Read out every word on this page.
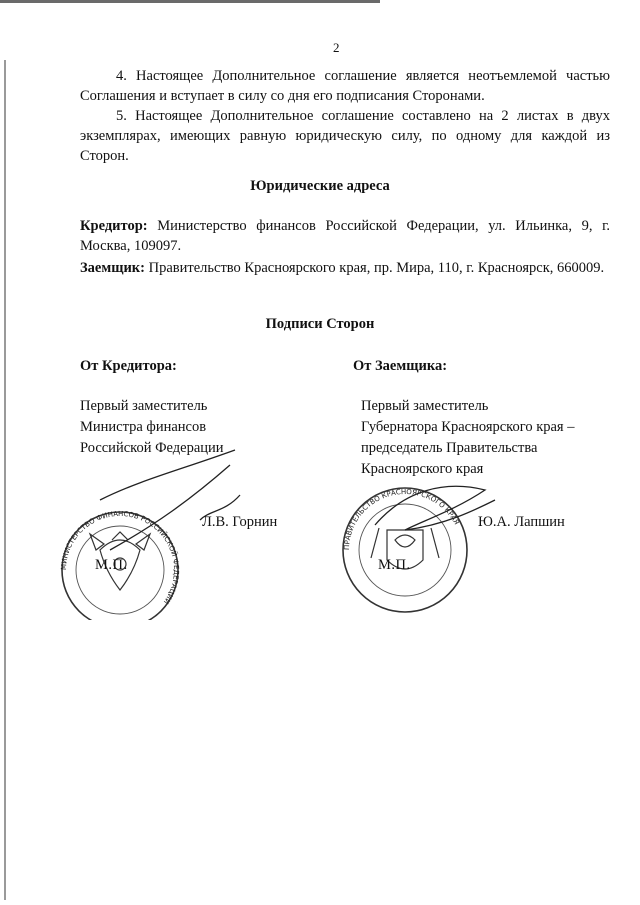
2
4. Настоящее Дополнительное соглашение является неотъемлемой частью Соглашения и вступает в силу со дня его подписания Сторонами.
5. Настоящее Дополнительное соглашение составлено на 2 листах в двух экземплярах, имеющих равную юридическую силу, по одному для каждой из Сторон.
Юридические адреса
Кредитор: Министерство финансов Российской Федерации, ул. Ильинка, 9, г. Москва, 109097.
Заемщик: Правительство Красноярского края, пр. Мира, 110, г. Красноярск, 660009.
Подписи Сторон
От Кредитора:
Первый заместитель
Министра финансов
Российской Федерации
МИНИСТЕРСТВО ФИНАНСОВ РОССИЙСКОЙ ФЕДЕРАЦИИ
Л.В. Горнин
М.П.
От Заемщика:
Первый заместитель
Губернатора Красноярского края –
председатель Правительства
Красноярского края
ПРАВИТЕЛЬСТВО КРАСНОЯРСКОГО КРАЯ Ю.А. Лапшин
М.П.
